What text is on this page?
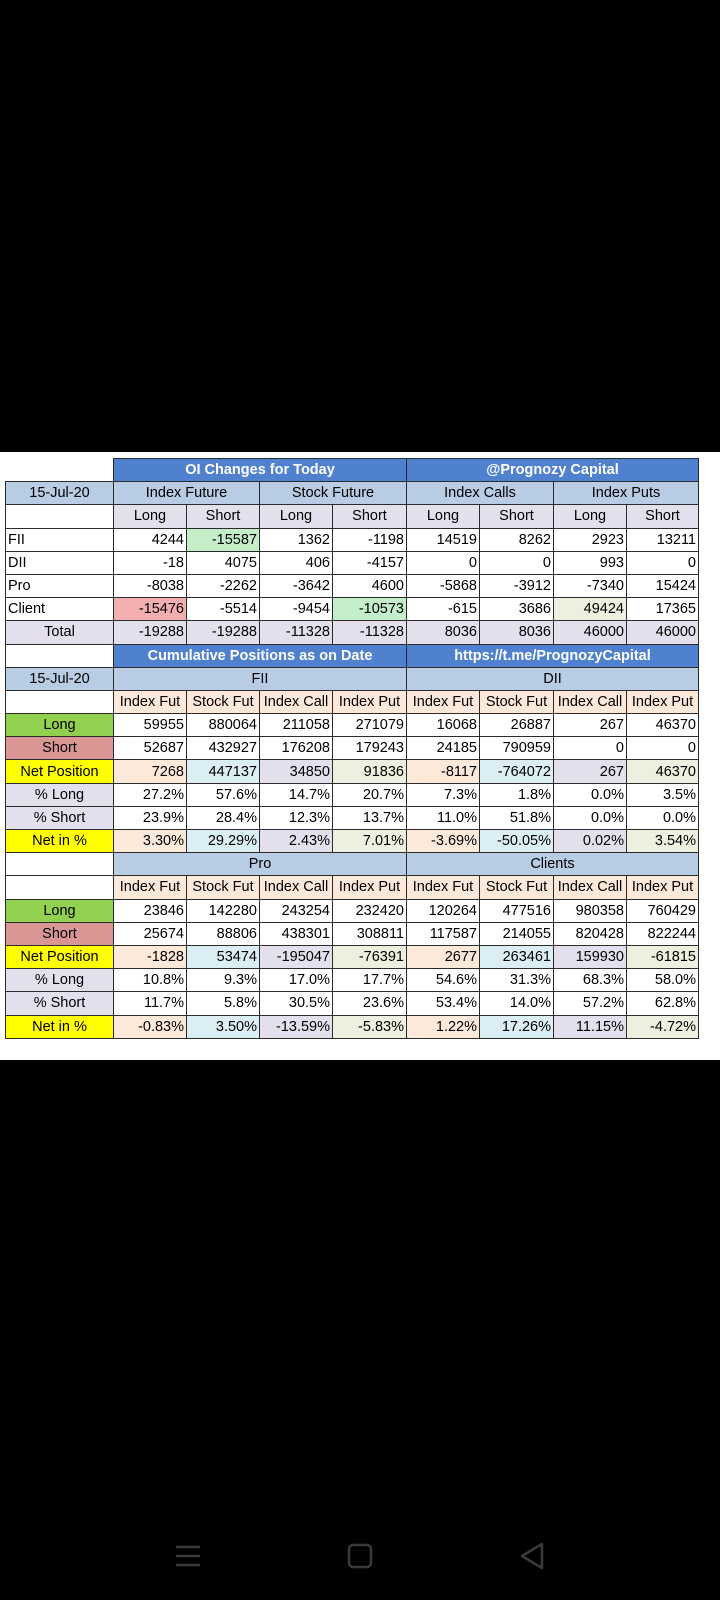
	OI Changes for Today				@Prognozy Capital			
15-Jul-20	Index Future		Stock Future		Index Calls		Index Puts	
	Long	Short	Long	Short	Long	Short	Long	Short
FII	4244	-15587	1362	-1198	14519	8262	2923	13211
DII	-18	4075	406	-4157	0	0	993	0
Pro	-8038	-2262	-3642	4600	-5868	-3912	-7340	15424
Client	-15476	-5514	-9454	-10573	-615	3686	49424	17365
Total	-19288	-19288	-11328	-11328	8036	8036	46000	46000
	Cumulative Positions as on Date				https://t.me/PrognozyCapital			
15-Jul-20	FII				DII			
	Index Fut	Stock Fut	Index Call	Index Put	Index Fut	Stock Fut	Index Call	Index Put
Long	59955	880064	211058	271079	16068	26887	267	46370
Short	52687	432927	176208	179243	24185	790959	0	0
Net Position	7268	447137	34850	91836	-8117	-764072	267	46370
% Long	27.2%	57.6%	14.7%	20.7%	7.3%	1.8%	0.0%	3.5%
% Short	23.9%	28.4%	12.3%	13.7%	11.0%	51.8%	0.0%	0.0%
Net in %	3.30%	29.29%	2.43%	7.01%	-3.69%	-50.05%	0.02%	3.54%
	Pro				Clients			
	Index Fut	Stock Fut	Index Call	Index Put	Index Fut	Stock Fut	Index Call	Index Put
Long	23846	142280	243254	232420	120264	477516	980358	760429
Short	25674	88806	438301	308811	117587	214055	820428	822244
Net Position	-1828	53474	-195047	-76391	2677	263461	159930	-61815
% Long	10.8%	9.3%	17.0%	17.7%	54.6%	31.3%	68.3%	58.0%
% Short	11.7%	5.8%	30.5%	23.6%	53.4%	14.0%	57.2%	62.8%
Net in %	-0.83%	3.50%	-13.59%	-5.83%	1.22%	17.26%	11.15%	-4.72%
